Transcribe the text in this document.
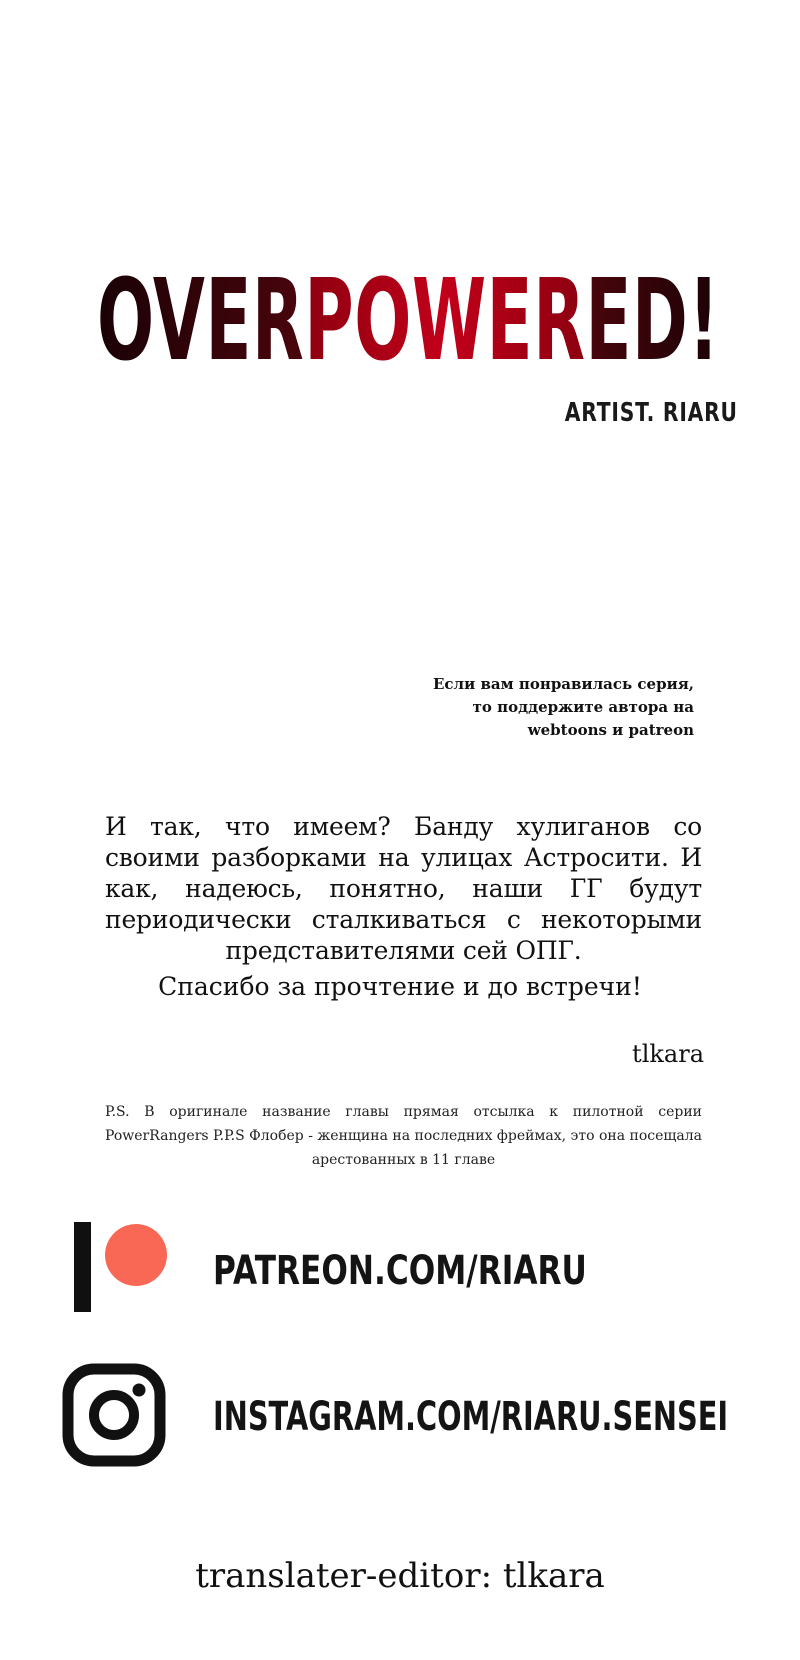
OVERPOWERED!
ARTIST. RIARU
Если вам понравилась серия,
то поддержите автора на
webtoons и patreon
И так, что имеем? Банду хулиганов со своими разборками на улицах Астросити. И как, надеюсь, понятно, наши ГГ будут периодически сталкиваться с некоторыми представителями сей ОПГ.
Спасибо за прочтение и до встречи!
tlkara
P.S. В оригинале название главы прямая отсылка к пилотной серии PowerRangers P.P.S Флобер - женщина на последних фреймах, это она посещала арестованных в 11 главе
PATREON.COM/RIARU
INSTAGRAM.COM/RIARU.SENSEI
translater-editor: tlkara
